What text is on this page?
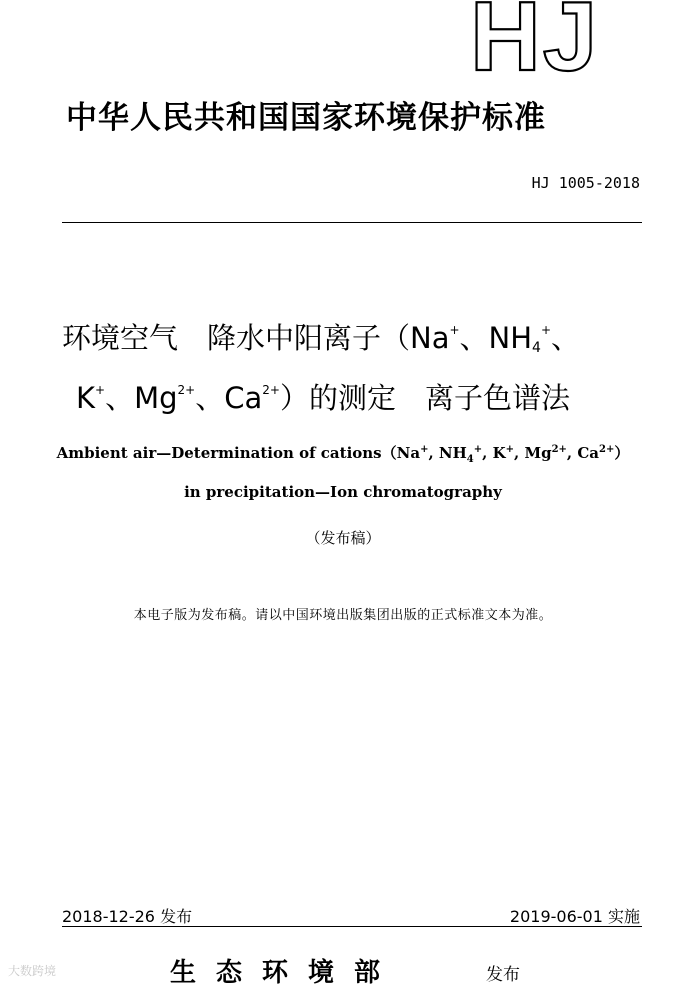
HJ
中华人民共和国国家环境保护标准
HJ 1005-2018
环境空气　降水中阳离子（Na+、$NH_4^+$、
K+、$Mg^{2+}$、$Ca^{2+}$）的测定　离子色谱法
Ambient air—Determination of cations（Na+, $NH_4^+$, K+, $Mg^{2+}$, $Ca^{2+}$）
in precipitation—Ion chromatography
（发布稿）
本电子版为发布稿。请以中国环境出版集团出版的正式标准文本为准。
2018-12-26 发布	2019-06-01 实施
生态环境部	发布
大数跨境
